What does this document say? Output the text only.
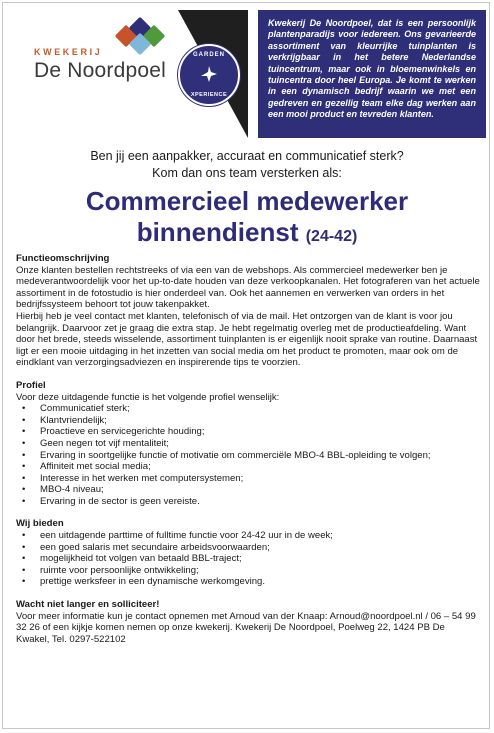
KWEKERIJ
De Noordpoel
GARDEN
XPERIENCE
Kwekerij De Noordpoel, dat is een persoonlijk plantenparadijs voor iedereen. Ons gevarieerde assortiment van kleurrijke tuinplanten is verkrijgbaar in het betere Nederlandse tuincentrum, maar ook in bloemenwinkels en tuincentra door heel Europa. Je komt te werken in een dynamisch bedrijf waarin we met een gedreven en gezellig team elke dag werken aan een mooi product en tevreden klanten.
Ben jij een aanpakker, accuraat en communicatief sterk?
Kom dan ons team versterken als:
Commercieel medewerker
binnendienst (24-42)
Functieomschrijving

Onze klanten bestellen rechtstreeks of via een van de webshops. Als commercieel medewerker ben je medeverantwoordelijk voor het up-to-date houden van deze verkoopkanalen. Het fotograferen van het actuele assortiment in de fotostudio is hier onderdeel van. Ook het aannemen en verwerken van orders in het bedrijfssysteem behoort tot jouw takenpakket.

Hierbij heb je veel contact met klanten, telefonisch of via de mail. Het ontzorgen van de klant is voor jou belangrijk. Daarvoor zet je graag die extra stap. Je hebt regelmatig overleg met de productieafdeling. Want door het brede, steeds wisselende, assortiment tuinplanten is er eigenlijk nooit sprake van routine. Daarnaast ligt er een mooie uitdaging in het inzetten van social media om het product te promoten, maar ook om de eindklant van verzorgingsadviezen en inspirerende tips te voorzien.

Profiel
Voor deze uitdagende functie is het volgende profiel wenselijk:
• Communicatief sterk;
• Klantvriendelijk;
• Proactieve en servicegerichte houding;
• Geen negen tot vijf mentaliteit;
• Ervaring in soortgelijke functie of motivatie om commerciële MBO-4 BBL-opleiding te volgen;
• Affiniteit met social media;
• Interesse in het werken met computersystemen;
• MBO-4 niveau;
• Ervaring in de sector is geen vereiste.
Wij bieden
• een uitdagende parttime of fulltime functie voor 24-42 uur in de week;
• een goed salaris met secundaire arbeidsvoorwaarden;
• mogelijkheid tot volgen van betaald BBL-traject;
• ruimte voor persoonlijke ontwikkeling;
• prettige werksfeer in een dynamische werkomgeving.
Wacht niet langer en solliciteer!
Voor meer informatie kun je contact opnemen met Arnoud van der Knaap: Arnoud@noordpoel.nl / 06 – 54 99 32 26 of een kijkje komen nemen op onze kwekerij. Kwekerij De Noordpoel, Poelweg 22, 1424 PB De Kwakel, Tel. 0297-522102
